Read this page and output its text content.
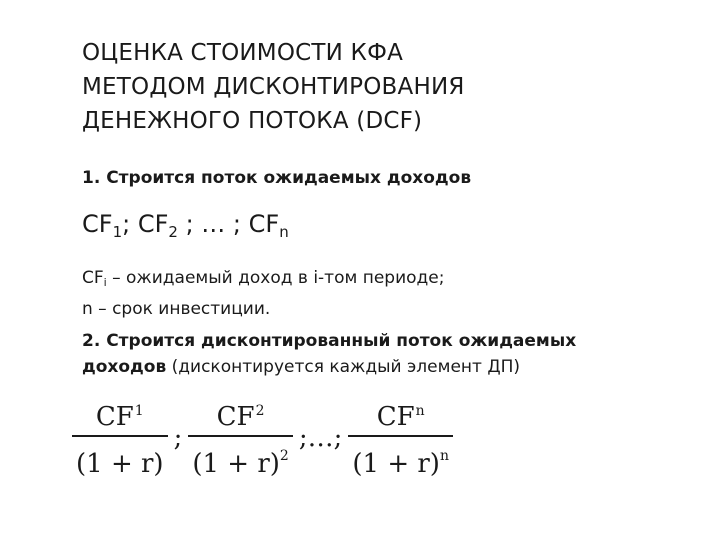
ОЦЕНКА СТОИМОСТИ КФА
МЕТОДОМ ДИСКОНТИРОВАНИЯ
ДЕНЕЖНОГО ПОТОКА (DCF)
1. Строится поток ожидаемых доходов
$CF_1$; $CF_2$ ; … ; $CF_n$
$CF_i$ – ожидаемый доход в i-том периоде;
n – срок инвестиции.
2. Строится дисконтированный поток ожидаемых доходов (дисконтируется каждый элемент ДП)
$\frac{CF_1}{(1 + r)}$ ; $\frac{CF_2}{(1 + r)^2}$ ;…; $\frac{CF_n}{(1 + r)^n}$
